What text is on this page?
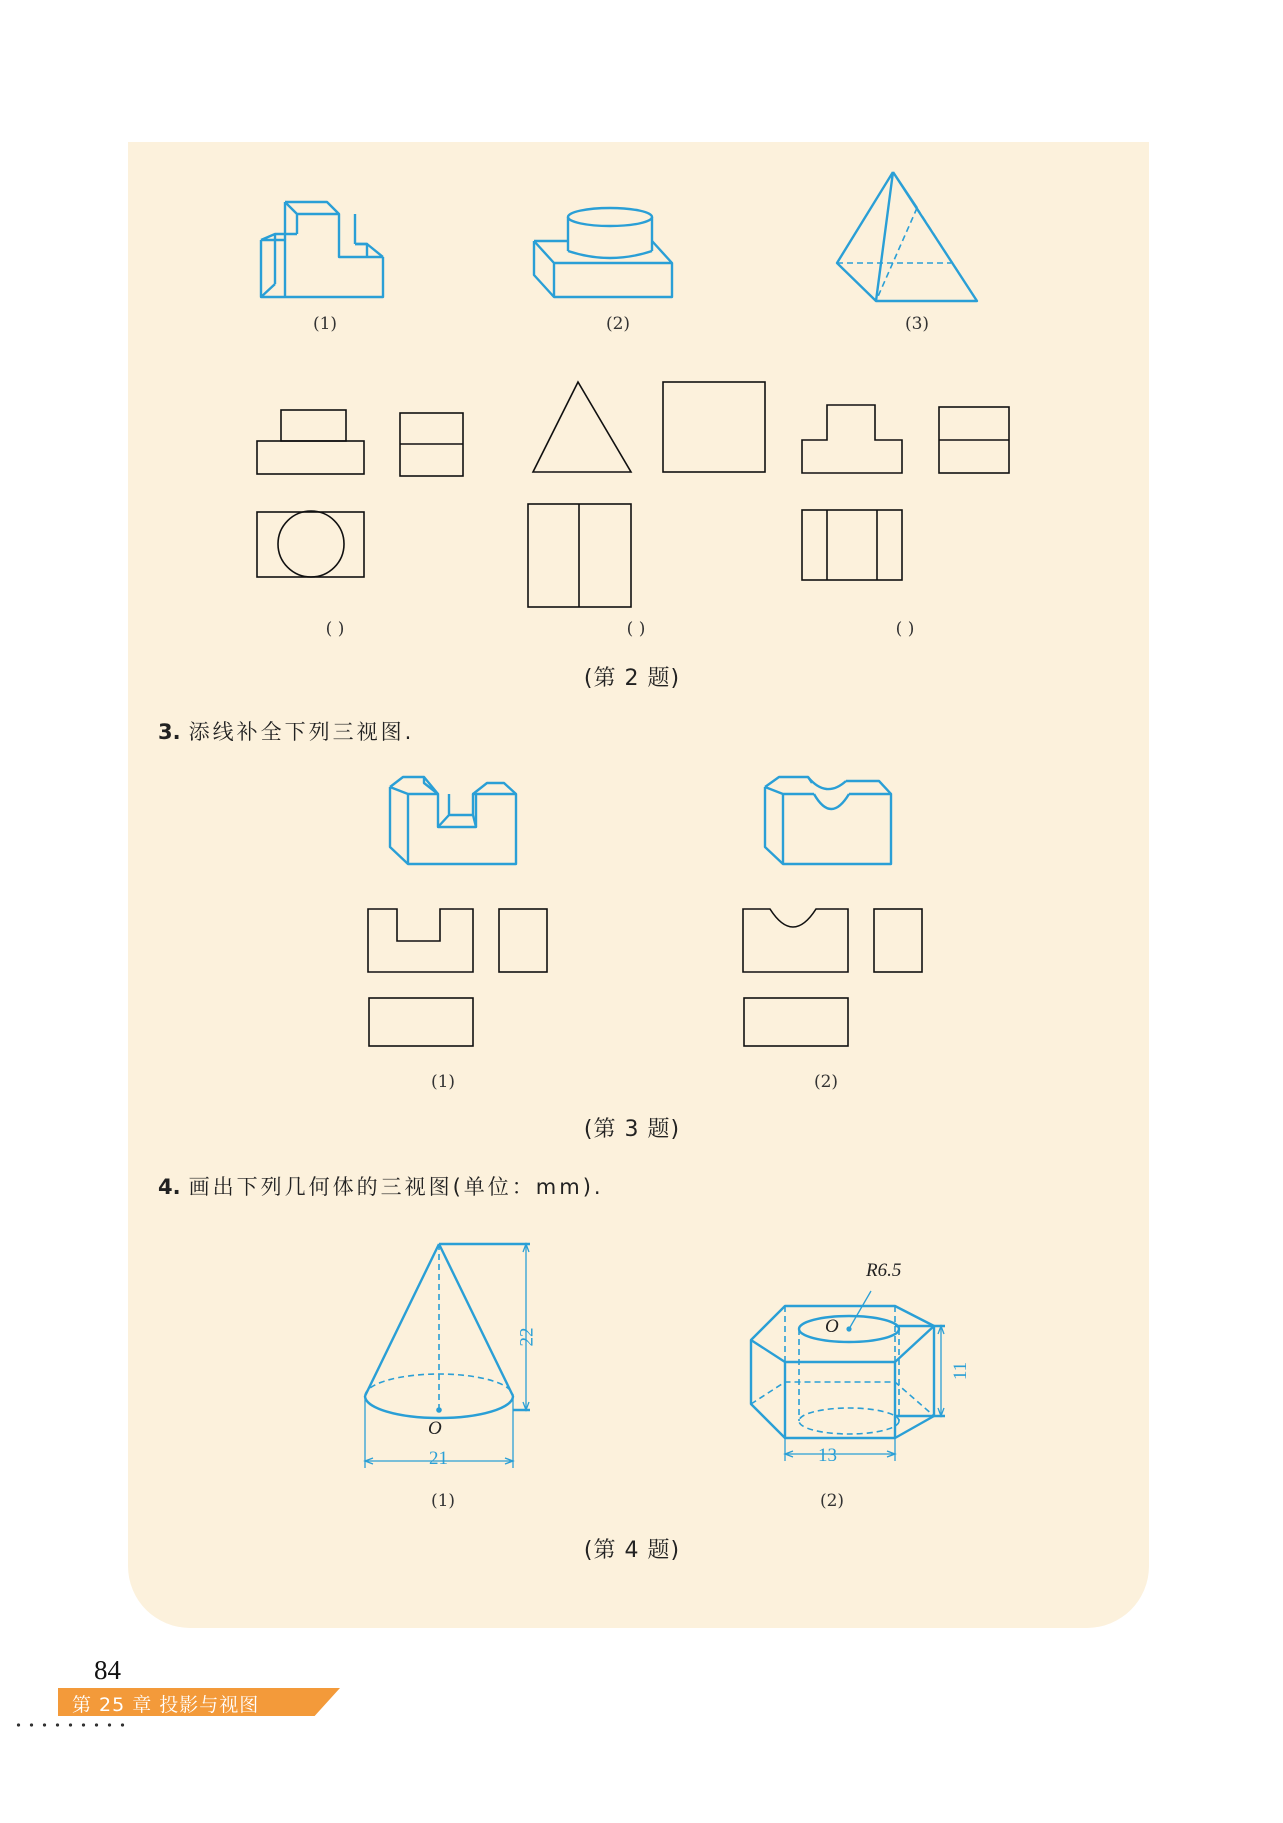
(1)	(2)	(3)
( )	( )	( )
(第 2 题)
3. 添线补全下列三视图.
(1)	(2)
(第 3 题)
4. 画出下列几何体的三视图(单位：mm).
22
21
O
R6.5
O
11
13
(1)	(2)
(第 4 题)
84
第 25 章 投影与视图
